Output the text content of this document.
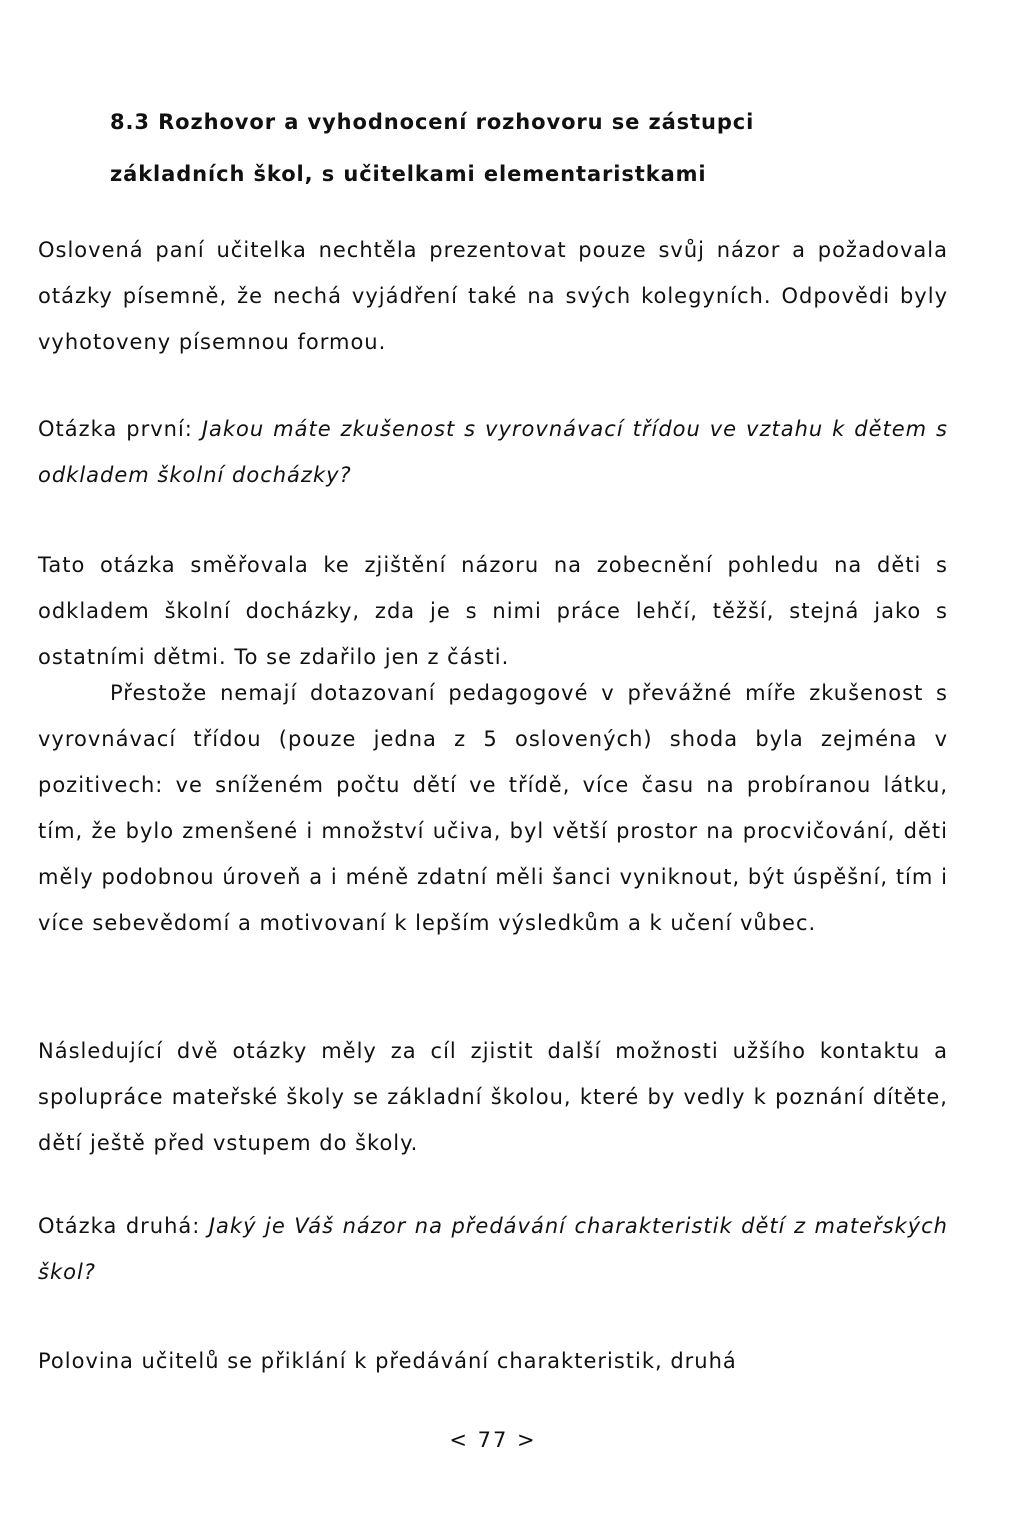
8.3 Rozhovor a vyhodnocení rozhovoru se zástupci
základních škol, s učitelkami elementaristkami

Oslovená paní učitelka nechtěla prezentovat pouze svůj názor a požadovala otázky písemně, že nechá vyjádření také na svých kolegyních. Odpovědi byly vyhotoveny písemnou formou.

Otázka první: Jakou máte zkušenost s vyrovnávací třídou ve vztahu k dětem s odkladem školní docházky?

Tato otázka směřovala ke zjištění názoru na zobecnění pohledu na děti s odkladem školní docházky, zda je s nimi práce lehčí, těžší, stejná jako s ostatními dětmi. To se zdařilo jen z části.

Přestože nemají dotazovaní pedagogové v převážné míře zkušenost s vyrovnávací třídou (pouze jedna z 5 oslovených) shoda byla zejména v pozitivech: ve sníženém počtu dětí ve třídě, více času na probíranou látku, tím, že bylo zmenšené i množství učiva, byl větší prostor na procvičování, děti měly podobnou úroveň a i méně zdatní měli šanci vyniknout, být úspěšní, tím i více sebevědomí a motivovaní k lepším výsledkům a k učení vůbec.

Následující dvě otázky měly za cíl zjistit další možnosti užšího kontaktu a spolupráce mateřské školy se základní školou, které by vedly k poznání dítěte, dětí ještě před vstupem do školy.

Otázka druhá: Jaký je Váš názor na předávání charakteristik dětí z mateřských škol?

Polovina učitelů se přiklání k předávání charakteristik, druhá

< 77 >
